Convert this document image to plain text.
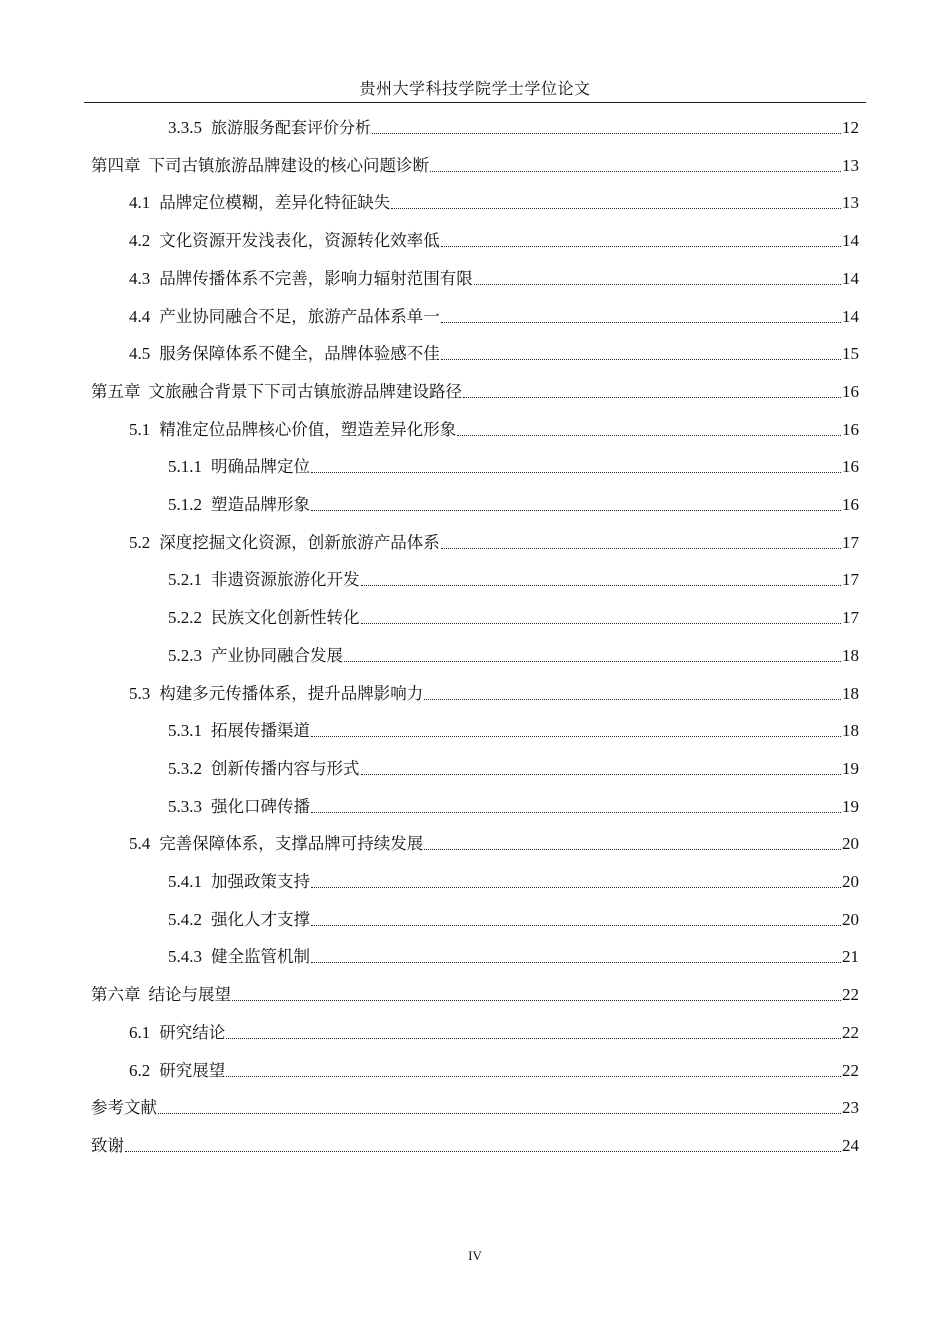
贵州大学科技学院学士学位论文
3.3.5 旅游服务配套评价分析	12
第四章 下司古镇旅游品牌建设的核心问题诊断	13
4.1 品牌定位模糊，差异化特征缺失	13
4.2 文化资源开发浅表化，资源转化效率低	14
4.3 品牌传播体系不完善，影响力辐射范围有限	14
4.4 产业协同融合不足，旅游产品体系单一	14
4.5 服务保障体系不健全，品牌体验感不佳	15
第五章 文旅融合背景下下司古镇旅游品牌建设路径	16
5.1 精准定位品牌核心价值，塑造差异化形象	16
5.1.1 明确品牌定位	16
5.1.2 塑造品牌形象	16
5.2 深度挖掘文化资源，创新旅游产品体系	17
5.2.1 非遗资源旅游化开发	17
5.2.2 民族文化创新性转化	17
5.2.3 产业协同融合发展	18
5.3 构建多元传播体系，提升品牌影响力	18
5.3.1 拓展传播渠道	18
5.3.2 创新传播内容与形式	19
5.3.3 强化口碑传播	19
5.4 完善保障体系，支撑品牌可持续发展	20
5.4.1 加强政策支持	20
5.4.2 强化人才支撑	20
5.4.3 健全监管机制	21
第六章 结论与展望	22
6.1 研究结论	22
6.2 研究展望	22
参考文献	23
致谢	24
IV
